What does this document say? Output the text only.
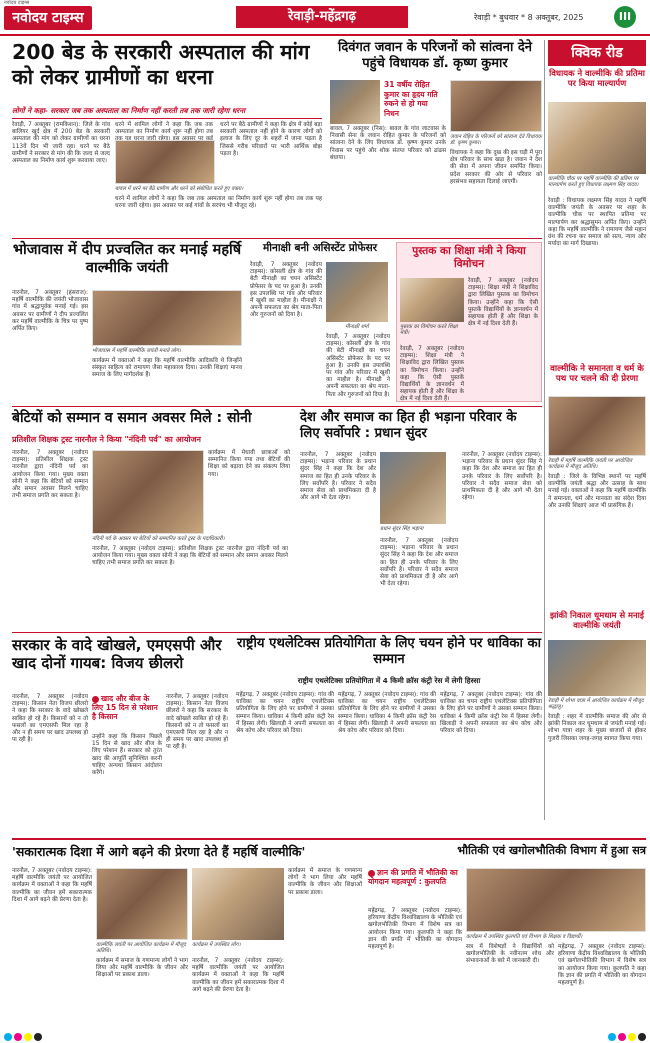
नवोदय टाइम्स
नवोदय टाइम्स	रेवाड़ी-महेंद्रगढ़	रेवाड़ी * बुधवार * 8 अक्तूबर, 2025	III
200 बेड के सरकारी अस्पताल की मांग को लेकर ग्रामीणों का धरना
लोगों ने कहा- सरकार जब तक अस्पताल का निर्माण नहीं करती तब तक जारी रहेगा धरना
रेवाड़ी, 7 अक्तूबर (रामकिशन): जिले के गांव बालियर खुर्द क्षेत्र में 200 बेड के सरकारी अस्पताल की मांग को लेकर ग्रामीणों का धरना 113वें दिन भी जारी रहा। धरने पर बैठे ग्रामीणों ने सरकार से मांग की कि जल्द से जल्द अस्पताल का निर्माण कार्य शुरू करवाया जाए।
धरने में शामिल लोगों ने कहा कि जब तक अस्पताल का निर्माण कार्य शुरू नहीं होगा तब
धरने पर बैठे ग्रामीणों ने कहा कि क्षेत्र में कोई बड़ा सरकारी अस्पताल नहीं होने के कारण लोगों को इलाज के लिए दूर के शहरों में जाना पड़ता है जिससे गरीब परिवारों पर भारी आर्थिक बोझ पड़ता है।
बावल में धरने पर बैठे ग्रामीण और धरने को संबोधित करते हुए वक्ता।
धरने में शामिल लोगों ने कहा कि जब तक अस्पताल का निर्माण कार्य शुरू नहीं होगा तब तक यह धरना जारी रहेगा। इस अवसर पर कई गांवों के सरपंच भी मौजूद रहे।
दिवंगत जवान के परिजनों को सांत्वना देने पहुंचे विधायक डॉ. कृष्ण कुमार
31 वर्षीय रोहित कुमार का हृदय गति रुकने से हो गया निधन
बावल, 7 अक्तूबर (निस): बावल के गांव जाटवास के निवासी सेना के जवान रोहित कुमार के परिजनों को सांत्वना देने के लिए विधायक डॉ. कृष्ण कुमार उनके निवास पर पहुंचे और शोक संतप्त परिवार को ढांढस बंधाया।
जवान रोहित के परिजनों को सांत्वना देते विधायक डॉ. कृष्ण कुमार।
विधायक ने कहा कि दुख की इस घड़ी में पूरा क्षेत्र परिवार के साथ खड़ा है। जवान ने देश की सेवा में अपना जीवन समर्पित किया। प्रदेश सरकार की ओर से परिवार को हरसंभव सहायता दिलाई जाएगी।
क्विक रीड
विधायक ने वाल्मीकि की प्रतिमा पर किया माल्यार्पण
वाल्मीकि चौक पर महर्षि वाल्मीकि की प्रतिमा पर माल्यार्पण करते हुए विधायक लक्ष्मण सिंह यादव।
रेवाड़ी : विधायक लक्ष्मण सिंह यादव ने महर्षि वाल्मीकि जयंती के अवसर पर शहर के वाल्मीकि चौक पर स्थापित प्रतिमा पर माल्यार्पण कर श्रद्धासुमन अर्पित किए। उन्होंने कहा कि महर्षि वाल्मीकि ने रामायण जैसे महान ग्रंथ की रचना कर समाज को सत्य, न्याय और मर्यादा का मार्ग दिखाया।
वाल्मीकि ने समानता व धर्म के पथ पर चलने की दी प्रेरणा
रेवाड़ी में महर्षि वाल्मीकि जयंती पर आयोजित कार्यक्रम में मौजूद अतिथि।
रेवाड़ी : जिले के विभिन्न स्थानों पर महर्षि वाल्मीकि जयंती श्रद्धा और उत्साह के साथ मनाई गई। वक्ताओं ने कहा कि महर्षि वाल्मीकि ने समानता, धर्म और मानवता का संदेश दिया और उनकी शिक्षाएं आज भी प्रासंगिक हैं।
झांकी निकाल धूमधाम से मनाई वाल्मीकि जयंती
रेवाड़ी में शोभा यात्रा में आयोजित कार्यक्रम में मौजूद श्रद्धालु।
रेवाड़ी : शहर में वाल्मीकि समाज की ओर से झांकी निकाल कर धूमधाम से जयंती मनाई गई। शोभा यात्रा शहर के मुख्य बाजारों से होकर गुजरी जिसका जगह-जगह स्वागत किया गया।
भोजावास में दीप प्रज्वलित कर मनाई महर्षि वाल्मीकि जयंती
नारनौल, 7 अक्तूबर (हंसराज): महर्षि वाल्मीकि की जयंती भोजावास गांव में श्रद्धापूर्वक मनाई गई। इस अवसर पर ग्रामीणों ने दीप प्रज्वलित कर महर्षि वाल्मीकि के चित्र पर पुष्प अर्पित किए।
भोजावास में महर्षि वाल्मीकि जयंती मनाते लोग।
कार्यक्रम में वक्ताओं ने कहा कि महर्षि वाल्मीकि आदिकवि थे जिन्होंने संस्कृत साहित्य को रामायण जैसा महाकाव्य दिया। उनकी शिक्षाएं मानव समाज के लिए मार्गदर्शक हैं।
मीनाक्षी बनी असिस्टेंट प्रोफेसर
मीनाक्षी शर्मा
रेवाड़ी, 7 अक्तूबर (नवोदय टाइम्स): कोसली क्षेत्र के गांव की बेटी मीनाक्षी का चयन असिस्टेंट प्रोफेसर के पद पर हुआ है। उनकी इस उपलब्धि पर गांव और परिवार में खुशी का माहौल है। मीनाक्षी ने अपनी सफलता का श्रेय माता-पिता और गुरुजनों को दिया है।
रेवाड़ी, 7 अक्तूबर (नवोदय टाइम्स): कोसली क्षेत्र के गांव की बेटी मीनाक्षी का चयन असिस्टेंट प्रोफेसर के पद पर हुआ है। उनकी इस उपलब्धि पर गांव और परिवार में खुशी का माहौल है। मीनाक्षी ने अपनी सफलता का श्रेय माता-पिता और गुरुजनों को दिया है।
पुस्तक का शिक्षा मंत्री ने किया विमोचन
पुस्तक का विमोचन करते शिक्षा मंत्री।
रेवाड़ी, 7 अक्तूबर (नवोदय टाइम्स): शिक्षा मंत्री ने शिक्षाविद द्वारा लिखित पुस्तक का विमोचन किया। उन्होंने कहा कि ऐसी पुस्तकें विद्यार्थियों के ज्ञानवर्धन में सहायक होती हैं और शिक्षा के क्षेत्र में नई दिशा देती हैं।
रेवाड़ी, 7 अक्तूबर (नवोदय टाइम्स): शिक्षा मंत्री ने शिक्षाविद द्वारा लिखित पुस्तक का विमोचन किया। उन्होंने कहा कि ऐसी पुस्तकें विद्यार्थियों के ज्ञानवर्धन में सहायक होती हैं और शिक्षा के क्षेत्र में नई दिशा देती हैं।
बेटियों को सम्मान व समान अवसर मिले : सोनी
प्रतिशील शिक्षक ट्रस्ट नारनौल ने किया "नंदिनी पर्व" का आयोजन
नारनौल, 7 अक्तूबर (नवोदय टाइम्स): प्रतिशील शिक्षक ट्रस्ट नारनौल द्वारा नंदिनी पर्व का आयोजन किया गया। मुख्य वक्ता सोनी ने कहा कि बेटियों को सम्मान और समान अवसर मिलने चाहिए तभी समाज प्रगति कर सकता है।
नंदिनी पर्व के अवसर पर बेटियों को सम्मानित करते ट्रस्ट के पदाधिकारी।
कार्यक्रम में मेधावी छात्राओं को सम्मानित किया गया तथा बेटियों की शिक्षा को बढ़ावा देने का संकल्प लिया गया।
नारनौल, 7 अक्तूबर (नवोदय टाइम्स): प्रतिशील शिक्षक ट्रस्ट नारनौल द्वारा नंदिनी पर्व का आयोजन किया गया। मुख्य वक्ता सोनी ने कहा कि बेटियों को सम्मान और समान अवसर मिलने चाहिए तभी समाज प्रगति कर सकता है।
देश और समाज का हित ही भड़ाना परिवार के लिए सर्वोपरि : प्रधान सुंदर
नारनौल, 7 अक्तूबर (नवोदय टाइम्स): भड़ाना परिवार के प्रधान सुंदर सिंह ने कहा कि देश और समाज का हित ही उनके परिवार के लिए सर्वोपरि है। परिवार ने सदैव समाज सेवा को प्राथमिकता दी है और आगे भी देता रहेगा।
प्रधान सुंदर सिंह भड़ाना
नारनौल, 7 अक्तूबर (नवोदय टाइम्स): भड़ाना परिवार के प्रधान सुंदर सिंह ने कहा कि देश और समाज का हित ही उनके परिवार के लिए सर्वोपरि है। परिवार ने सदैव समाज सेवा को प्राथमिकता दी है और आगे भी देता रहेगा।
नारनौल, 7 अक्तूबर (नवोदय टाइम्स): भड़ाना परिवार के प्रधान सुंदर सिंह ने कहा कि देश और समाज का हित ही उनके परिवार के लिए सर्वोपरि है। परिवार ने सदैव समाज सेवा को प्राथमिकता दी है और आगे भी देता रहेगा।
सरकार के वादे खोखले, एमएसपी और खाद दोनों गायब: विजय छीलरो
नारनौल, 7 अक्तूबर (नवोदय टाइम्स): किसान नेता विजय छीलरो ने कहा कि सरकार के वादे खोखले साबित हो रहे हैं। किसानों को न तो फसलों का एमएसपी मिल रहा है और न ही समय पर खाद उपलब्ध हो पा रही है।
खाद और बीज के लिए 15 दिन से परेशान है किसान
उन्होंने कहा कि किसान पिछले 15 दिन से खाद और बीज के लिए परेशान हैं। सरकार को तुरंत खाद की आपूर्ति सुनिश्चित करनी चाहिए अन्यथा किसान आंदोलन करेंगे।
नारनौल, 7 अक्तूबर (नवोदय टाइम्स): किसान नेता विजय छीलरो ने कहा कि सरकार के वादे खोखले साबित हो रहे हैं। किसानों को न तो फसलों का एमएसपी मिल रहा है और न ही समय पर खाद उपलब्ध हो पा रही है।
राष्ट्रीय एथलेटिक्स प्रतियोगिता के लिए चयन होने पर धाविका का सम्मान
राष्ट्रीय एथलेटिक्स प्रतियोगिता में 4 किमी क्रॉस कंट्री रेस में लेगी हिस्सा
महेंद्रगढ़, 7 अक्तूबर (नवोदय टाइम्स): गांव की धाविका का चयन राष्ट्रीय एथलेटिक्स प्रतियोगिता के लिए होने पर ग्रामीणों ने उसका सम्मान किया। धाविका 4 किमी क्रॉस कंट्री रेस में हिस्सा लेगी। खिलाड़ी ने अपनी सफलता का श्रेय कोच और परिवार को दिया।
महेंद्रगढ़, 7 अक्तूबर (नवोदय टाइम्स): गांव की धाविका का चयन राष्ट्रीय एथलेटिक्स प्रतियोगिता के लिए होने पर ग्रामीणों ने उसका सम्मान किया। धाविका 4 किमी क्रॉस कंट्री रेस में हिस्सा लेगी। खिलाड़ी ने अपनी सफलता का श्रेय कोच और परिवार को दिया।
महेंद्रगढ़, 7 अक्तूबर (नवोदय टाइम्स): गांव की धाविका का चयन राष्ट्रीय एथलेटिक्स प्रतियोगिता के लिए होने पर ग्रामीणों ने उसका सम्मान किया। धाविका 4 किमी क्रॉस कंट्री रेस में हिस्सा लेगी। खिलाड़ी ने अपनी सफलता का श्रेय कोच और परिवार को दिया।
'सकारात्मक दिशा में आगे बढ़ने की प्रेरणा देते हैं महर्षि वाल्मीकि'
नारनौल, 7 अक्तूबर (नवोदय टाइम्स): महर्षि वाल्मीकि जयंती पर आयोजित कार्यक्रम में वक्ताओं ने कहा कि महर्षि वाल्मीकि का जीवन हमें सकारात्मक दिशा में आगे बढ़ने की प्रेरणा देता है।
वाल्मीकि जयंती पर आयोजित कार्यक्रम में मौजूद अतिथि।
कार्यक्रम में उपस्थित लोग।
कार्यक्रम में समाज के गणमान्य लोगों ने भाग लिया और महर्षि वाल्मीकि के जीवन और शिक्षाओं पर प्रकाश डाला।
नारनौल, 7 अक्तूबर (नवोदय टाइम्स): महर्षि वाल्मीकि जयंती पर आयोजित कार्यक्रम में वक्ताओं ने कहा कि महर्षि वाल्मीकि का जीवन हमें सकारात्मक दिशा में आगे बढ़ने की प्रेरणा देता है।
कार्यक्रम में समाज के गणमान्य लोगों ने भाग लिया और महर्षि वाल्मीकि के जीवन और शिक्षाओं पर प्रकाश डाला।
भौतिकी एवं खगोलभौतिकी विभाग में हुआ सत्र
ज्ञान की प्रगति में भौतिकी का योगदान महत्वपूर्ण : कुलपति
महेंद्रगढ़, 7 अक्तूबर (नवोदय टाइम्स): हरियाणा केंद्रीय विश्वविद्यालय के भौतिकी एवं खगोलभौतिकी विभाग में विशेष सत्र का आयोजन किया गया। कुलपति ने कहा कि ज्ञान की प्रगति में भौतिकी का योगदान महत्वपूर्ण है।
कार्यक्रम में उपस्थित कुलपति एवं विभाग के शिक्षक व विद्यार्थी।
सत्र में विशेषज्ञों ने विद्यार्थियों को खगोलभौतिकी के नवीनतम शोध और संभावनाओं के बारे में जानकारी दी।
महेंद्रगढ़, 7 अक्तूबर (नवोदय टाइम्स): हरियाणा केंद्रीय विश्वविद्यालय के भौतिकी एवं खगोलभौतिकी विभाग में विशेष सत्र का आयोजन किया गया। कुलपति ने कहा कि ज्ञान की प्रगति में भौतिकी का योगदान महत्वपूर्ण है।
